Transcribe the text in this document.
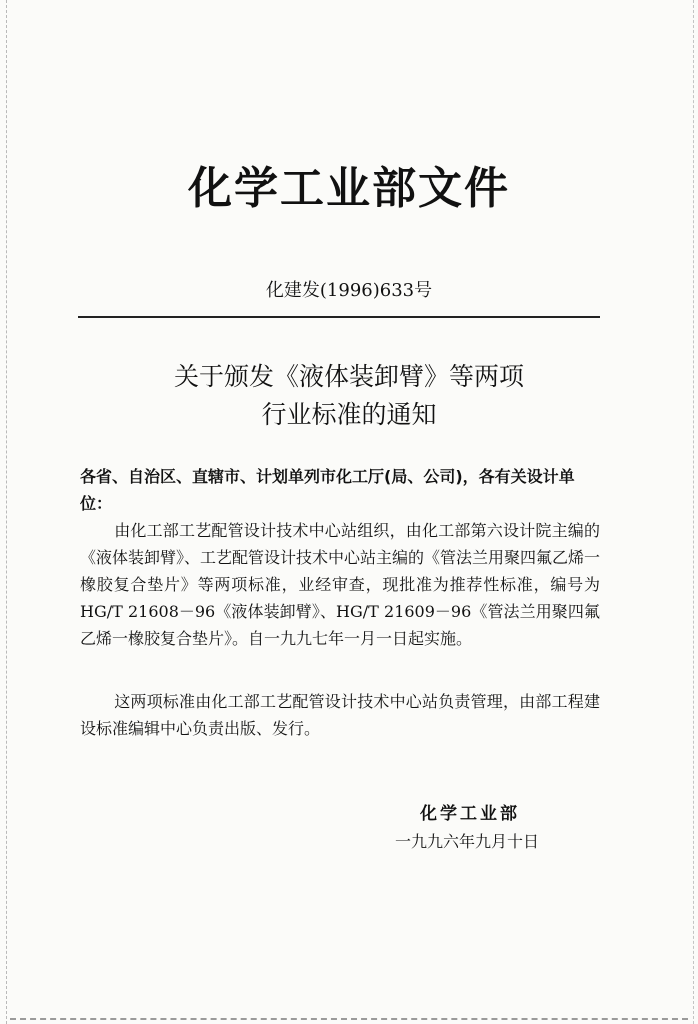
化学工业部文件
化建发(1996)633号
关于颁发《液体装卸臂》等两项
行业标准的通知
各省、自治区、直辖市、计划单列市化工厅(局、公司)，各有关设计单位：
由化工部工艺配管设计技术中心站组织，由化工部第六设计院主编的《液体装卸臂》、工艺配管设计技术中心站主编的《管法兰用聚四氟乙烯一橡胶复合垫片》等两项标准，业经审查，现批准为推荐性标准，编号为HG/T 21608－96《液体装卸臂》、HG/T 21609－96《管法兰用聚四氟乙烯一橡胶复合垫片》。自一九九七年一月一日起实施。
这两项标准由化工部工艺配管设计技术中心站负责管理，由部工程建设标准编辑中心负责出版、发行。
化学工业部
一九九六年九月十日
